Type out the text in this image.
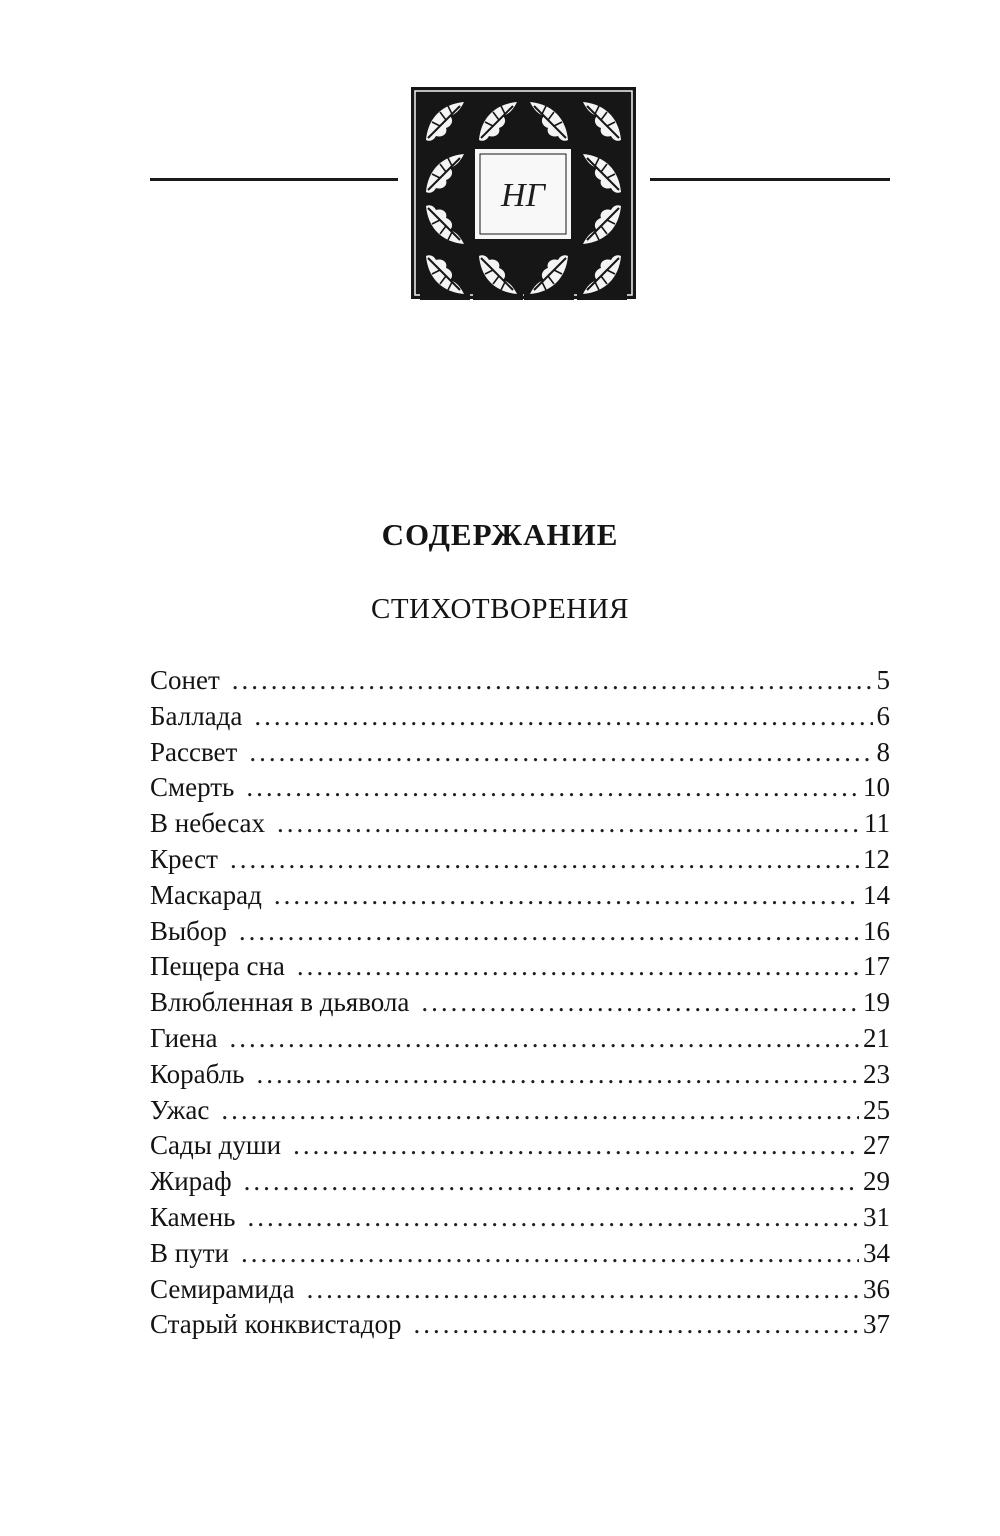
НГ
СОДЕРЖАНИЕ
СТИХОТВОРЕНИЯ
Сонет .....	5
Баллада .....	6
Рассвет .....	8
Смерть .....	10
В небесах .....	11
Крест .....	12
Маскарад .....	14
Выбор .....	16
Пещера сна .....	17
Влюбленная в дьявола .....	19
Гиена .....	21
Корабль .....	23
Ужас .....	25
Сады души .....	27
Жираф .....	29
Камень .....	31
В пути .....	34
Семирамида .....	36
Старый конквистадор .....	37
